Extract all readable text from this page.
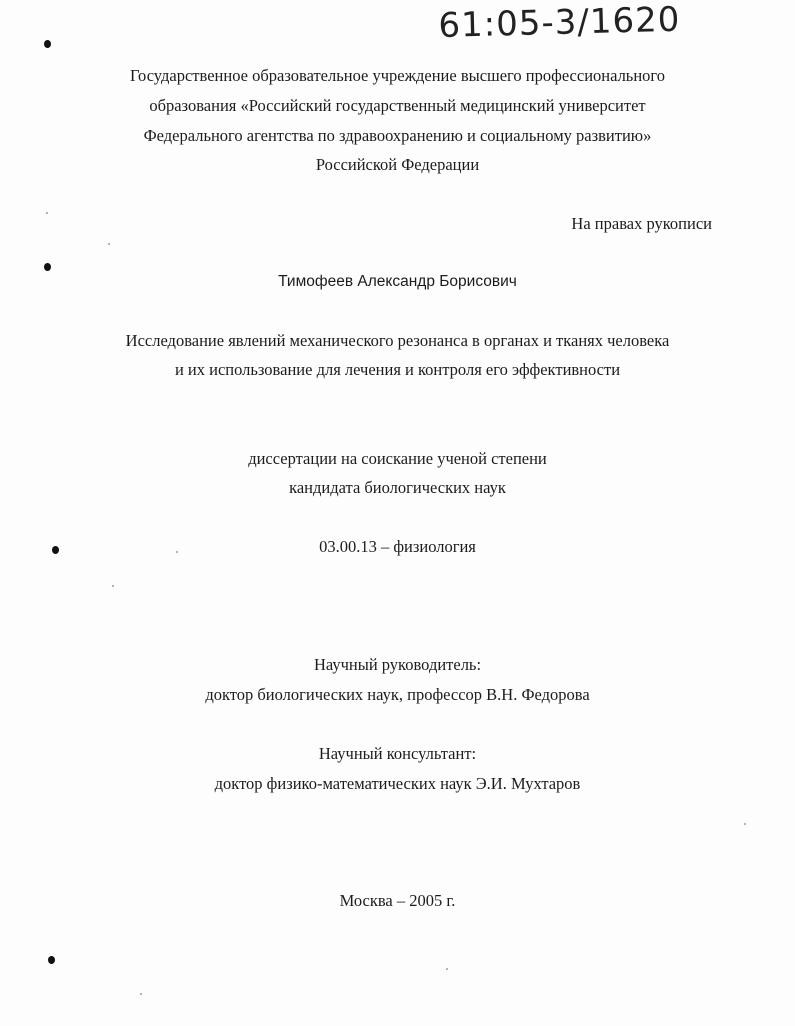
61:05-3/1620
Государственное образовательное учреждение высшего профессионального
образования «Российский государственный медицинский университет
Федерального агентства по здравоохранению и социальному развитию»
Российской Федерации
На правах рукописи
Тимофеев Александр Борисович
Исследование явлений механического резонанса в органах и тканях человека
и их использование для лечения и контроля его эффективности
диссертации на соискание ученой степени
кандидата биологических наук
03.00.13 – физиология
Научный руководитель:
доктор биологических наук, профессор В.Н. Федорова
Научный консультант:
доктор физико-математических наук Э.И. Мухтаров
Москва – 2005 г.
